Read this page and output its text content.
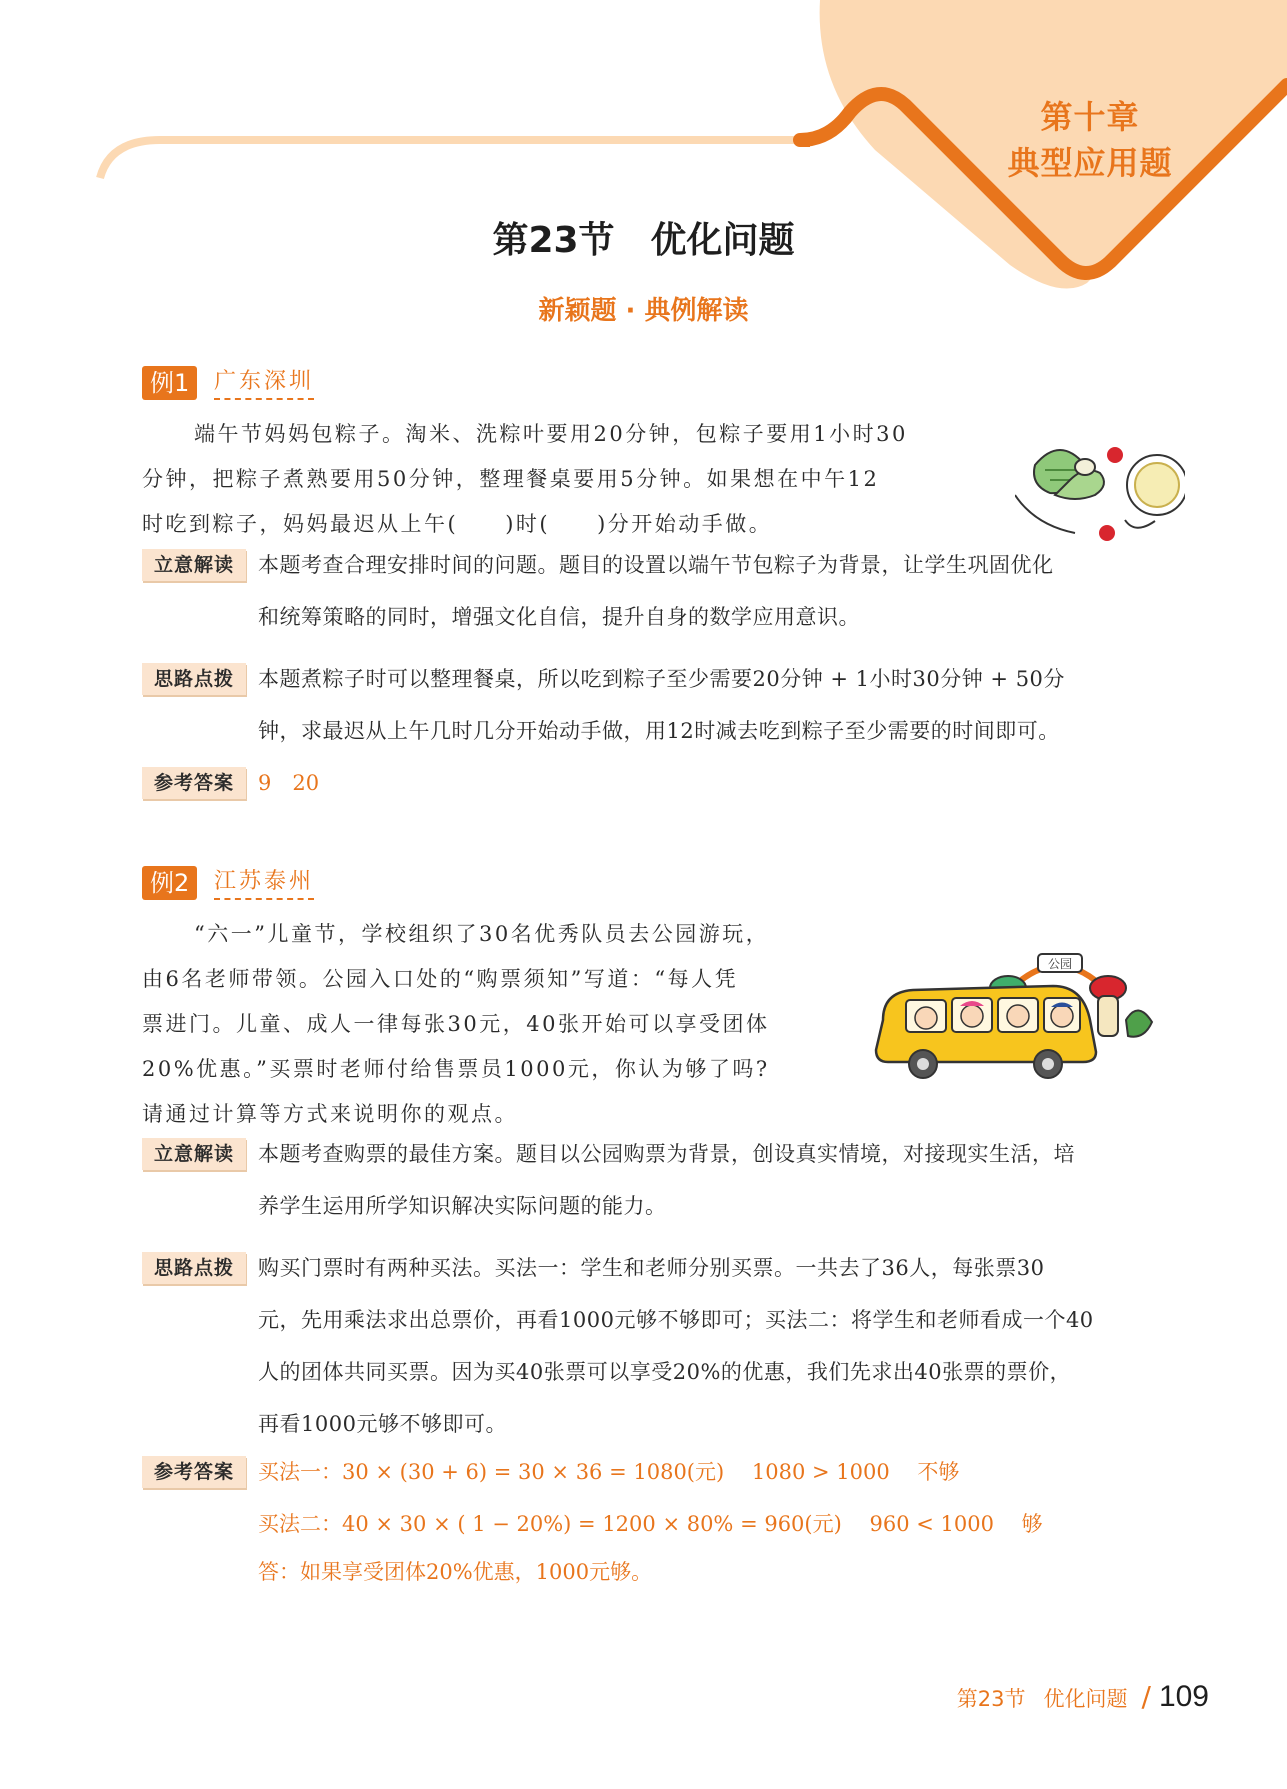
第十章
典型应用题
第23节 优化问题
新颖题 · 典例解读
例1	广东深圳

端午节妈妈包粽子。淘米、洗粽叶要用20分钟，包粽子要用1小时30

分钟，把粽子煮熟要用50分钟，整理餐桌要用5分钟。如果想在中午12

时吃到粽子，妈妈最迟从上午(　　)时(　　)分开始动手做。

立意解读	本题考查合理安排时间的问题。题目的设置以端午节包粽子为背景，让学生巩固优化
和统筹策略的同时，增强文化自信，提升自身的数学应用意识。
思路点拨	本题煮粽子时可以整理餐桌，所以吃到粽子至少需要20分钟 + 1小时30分钟 + 50分
钟，求最迟从上午几时几分开始动手做，用12时减去吃到粽子至少需要的时间即可。
参考答案	9　20
例2	江苏泰州

“六一”儿童节，学校组织了30名优秀队员去公园游玩，

由6名老师带领。公园入口处的“购票须知”写道：“每人凭

票进门。儿童、成人一律每张30元，40张开始可以享受团体

20%优惠。”买票时老师付给售票员1000元，你认为够了吗?

请通过计算等方式来说明你的观点。

公园
立意解读	本题考查购票的最佳方案。题目以公园购票为背景，创设真实情境，对接现实生活，培
养学生运用所学知识解决实际问题的能力。
思路点拨	购买门票时有两种买法。买法一：学生和老师分别买票。一共去了36人，每张票30
元，先用乘法求出总票价，再看1000元够不够即可；买法二：将学生和老师看成一个40
人的团体共同买票。因为买40张票可以享受20%的优惠，我们先求出40张票的票价，
再看1000元够不够即可。
参考答案	买法一：30 × (30 + 6) = 30 × 36 = 1080(元)　 1080 > 1000　 不够
买法二：40 × 30 × ( 1 − 20%) = 1200 × 80% = 960(元)　 960 < 1000　 够
答：如果享受团体20%优惠，1000元够。
第23节 优化问题 / 109
